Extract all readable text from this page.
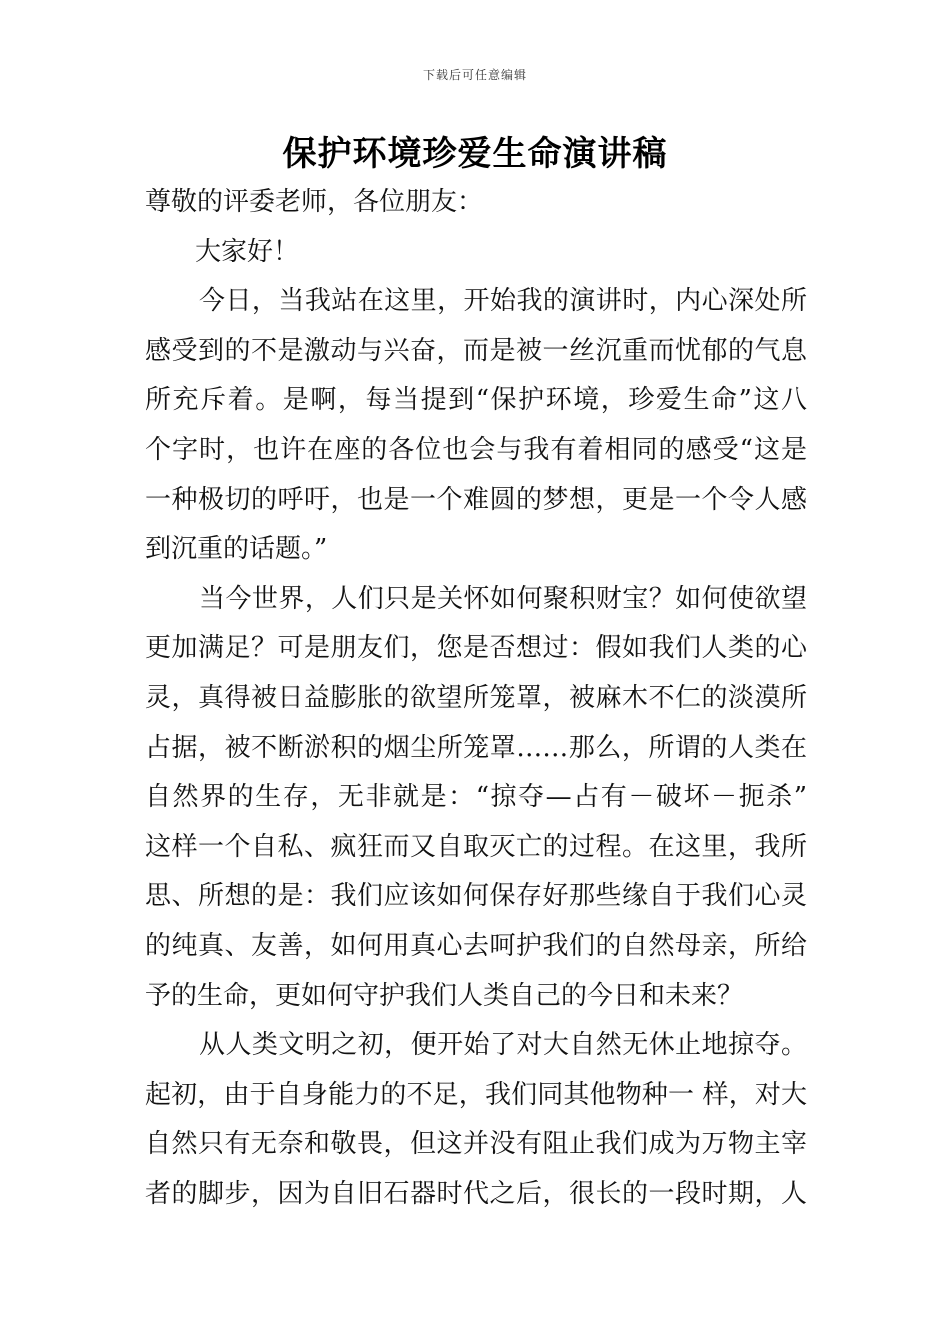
下载后可任意编辑
保护环境珍爱生命演讲稿
尊敬的评委老师，各位朋友：
大家好！
今日，当我站在这里，开始我的演讲时，内心深处所
感受到的不是激动与兴奋，而是被一丝沉重而忧郁的气息
所充斥着。是啊，每当提到“保护环境，珍爱生命”这八
个字时，也许在座的各位也会与我有着相同的感受“这是
一种极切的呼吁，也是一个难圆的梦想，更是一个令人感
到沉重的话题。”
当今世界，人们只是关怀如何聚积财宝？如何使欲望
更加满足？可是朋友们，您是否想过：假如我们人类的心
灵，真得被日益膨胀的欲望所笼罩，被麻木不仁的淡漠所
占据，被不断淤积的烟尘所笼罩……那么，所谓的人类在
自然界的生存，无非就是：“掠夺—占有－破坏－扼杀”
这样一个自私、疯狂而又自取灭亡的过程。在这里，我所
思、所想的是：我们应该如何保存好那些缘自于我们心灵
的纯真、友善，如何用真心去呵护我们的自然母亲，所给
予的生命，更如何守护我们人类自己的今日和未来？
从人类文明之初，便开始了对大自然无休止地掠夺。
起初，由于自身能力的不足，我们同其他物种一 样，对大
自然只有无奈和敬畏，但这并没有阻止我们成为万物主宰
者的脚步，因为自旧石器时代之后，很长的一段时期，人
